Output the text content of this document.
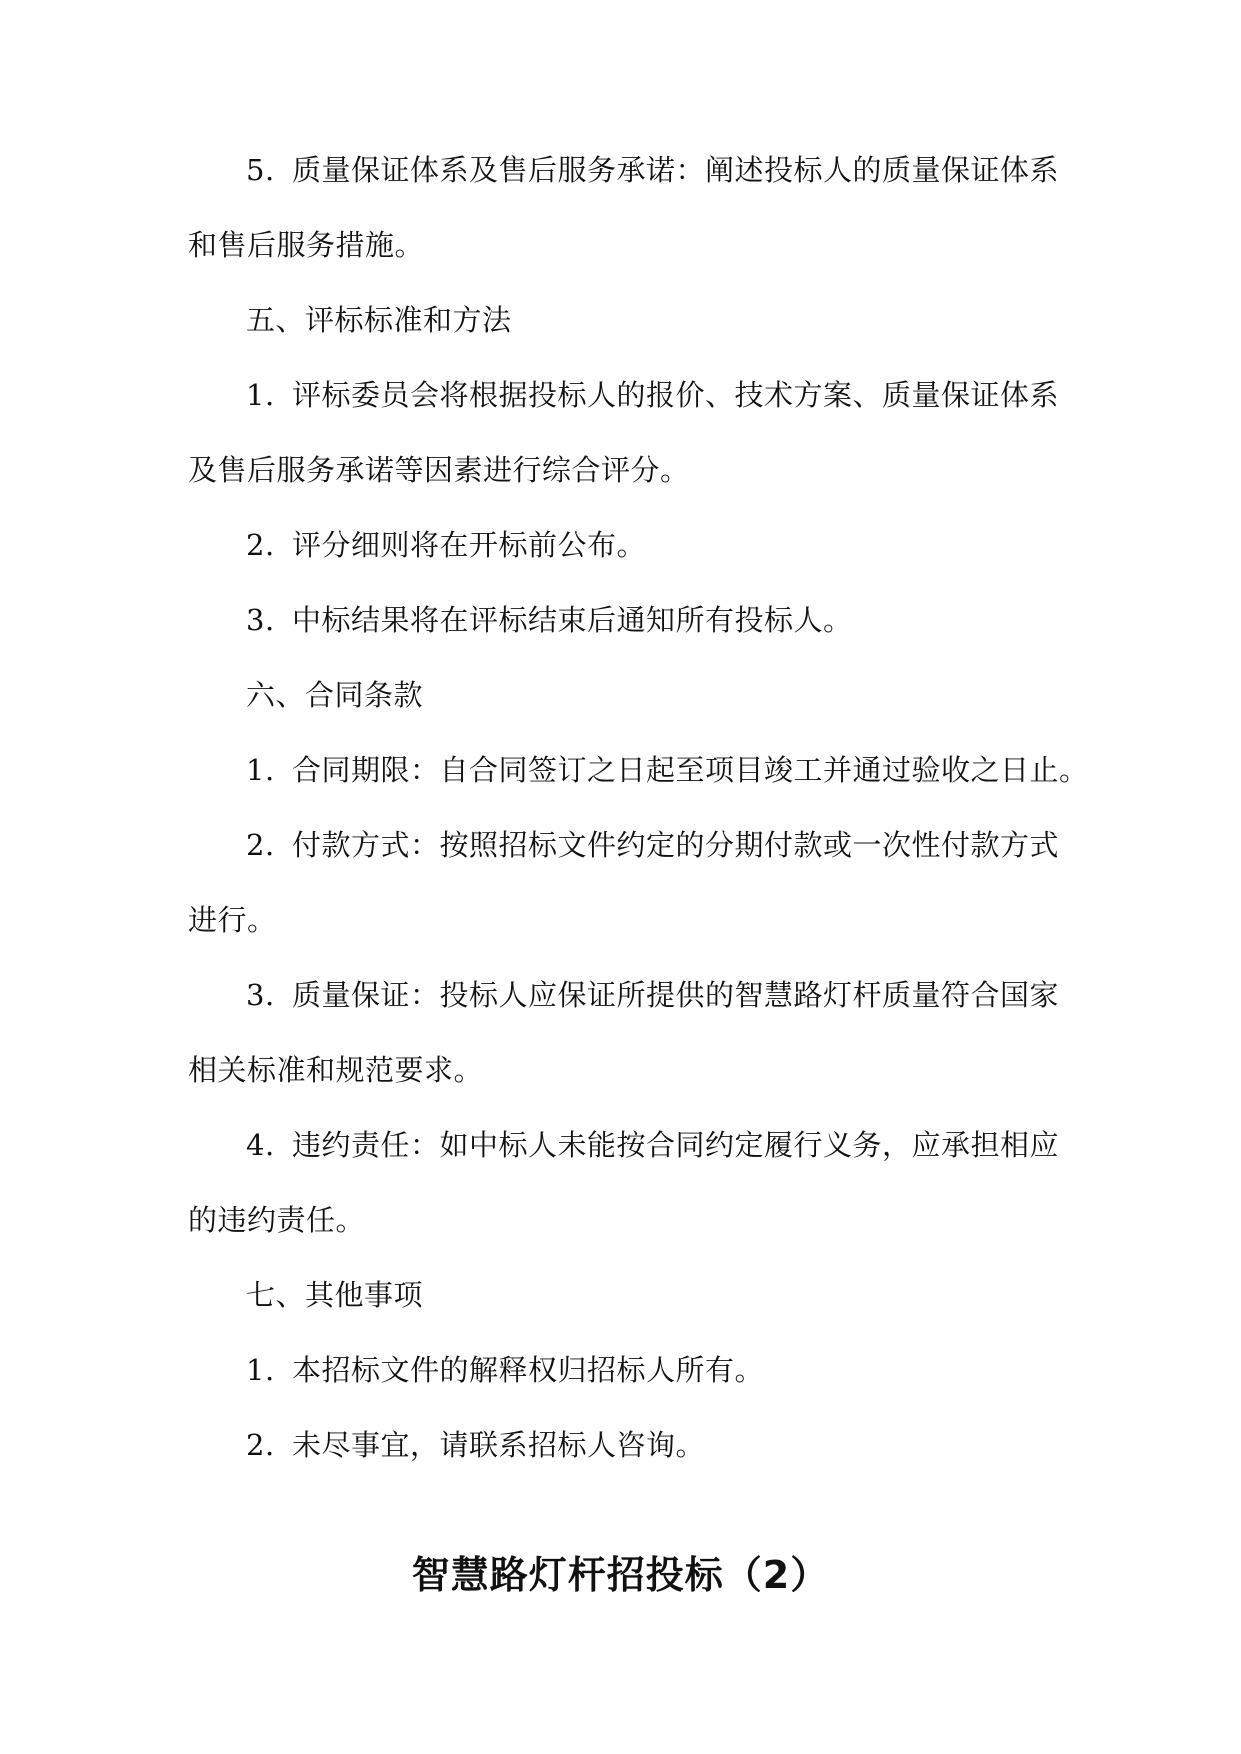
5. 质量保证体系及售后服务承诺：阐述投标人的质量保证体系
和售后服务措施。
五、评标标准和方法
1. 评标委员会将根据投标人的报价、技术方案、质量保证体系
及售后服务承诺等因素进行综合评分。
2. 评分细则将在开标前公布。
3. 中标结果将在评标结束后通知所有投标人。
六、合同条款
1. 合同期限：自合同签订之日起至项目竣工并通过验收之日止。
2. 付款方式：按照招标文件约定的分期付款或一次性付款方式
进行。
3. 质量保证：投标人应保证所提供的智慧路灯杆质量符合国家
相关标准和规范要求。
4. 违约责任：如中标人未能按合同约定履行义务，应承担相应
的违约责任。
七、其他事项
1. 本招标文件的解释权归招标人所有。
2. 未尽事宜，请联系招标人咨询。
智慧路灯杆招投标（2）
